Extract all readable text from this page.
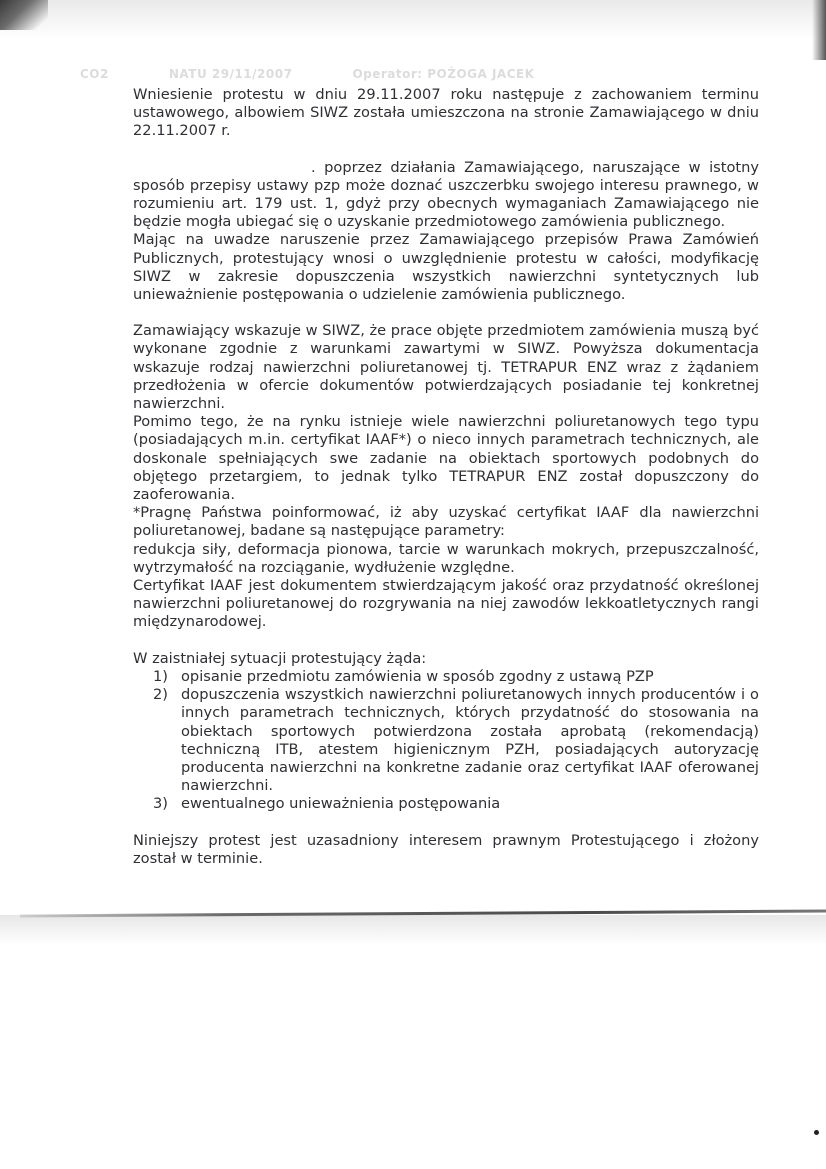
CO2	NATU 29/11/2007	Operator: POŻOGA JACEK

Wniesienie protestu w dniu 29.11.2007 roku następuje z zachowaniem terminu ustawowego, albowiem SIWZ została umieszczona na stronie Zamawiającego w dniu 22.11.2007 r.

. poprzez działania Zamawiającego, naruszające w istotny sposób przepisy ustawy pzp może doznać uszczerbku swojego interesu prawnego, w rozumieniu art. 179 ust. 1, gdyż przy obecnych wymaganiach Zamawiającego nie będzie mogła ubiegać się o uzyskanie przedmiotowego zamówienia publicznego.

Mając na uwadze naruszenie przez Zamawiającego przepisów Prawa Zamówień Publicznych, protestujący wnosi o uwzględnienie protestu w całości, modyfikację SIWZ w zakresie dopuszczenia wszystkich nawierzchni syntetycznych lub unieważnienie postępowania o udzielenie zamówienia publicznego.

Zamawiający wskazuje w SIWZ, że prace objęte przedmiotem zamówienia muszą być wykonane zgodnie z warunkami zawartymi w SIWZ. Powyższa dokumentacja wskazuje rodzaj nawierzchni poliuretanowej tj. TETRAPUR ENZ wraz z żądaniem przedłożenia w ofercie dokumentów potwierdzających posiadanie tej konkretnej nawierzchni.

Pomimo tego, że na rynku istnieje wiele nawierzchni poliuretanowych tego typu (posiadających m.in. certyfikat IAAF*) o nieco innych parametrach technicznych, ale doskonale spełniających swe zadanie na obiektach sportowych podobnych do objętego przetargiem, to jednak tylko TETRAPUR ENZ został dopuszczony do zaoferowania.

*Pragnę Państwa poinformować, iż aby uzyskać certyfikat IAAF dla nawierzchni poliuretanowej, badane są następujące parametry:

redukcja siły, deformacja pionowa, tarcie w warunkach mokrych, przepuszczalność, wytrzymałość na rozciąganie, wydłużenie względne.

Certyfikat IAAF jest dokumentem stwierdzającym jakość oraz przydatność określonej nawierzchni poliuretanowej do rozgrywania na niej zawodów lekkoatletycznych rangi międzynarodowej.

W zaistniałej sytuacji protestujący żąda:

1) opisanie przedmiotu zamówienia w sposób zgodny z ustawą PZP
2) dopuszczenia wszystkich nawierzchni poliuretanowych innych producentów i o innych parametrach technicznych, których przydatność do stosowania na obiektach sportowych potwierdzona została aprobatą (rekomendacją) techniczną ITB, atestem higienicznym PZH, posiadających autoryzację producenta nawierzchni na konkretne zadanie oraz certyfikat IAAF oferowanej nawierzchni.
3) ewentualnego unieważnienia postępowania

Niniejszy protest jest uzasadniony interesem prawnym Protestującego i złożony został w terminie.
